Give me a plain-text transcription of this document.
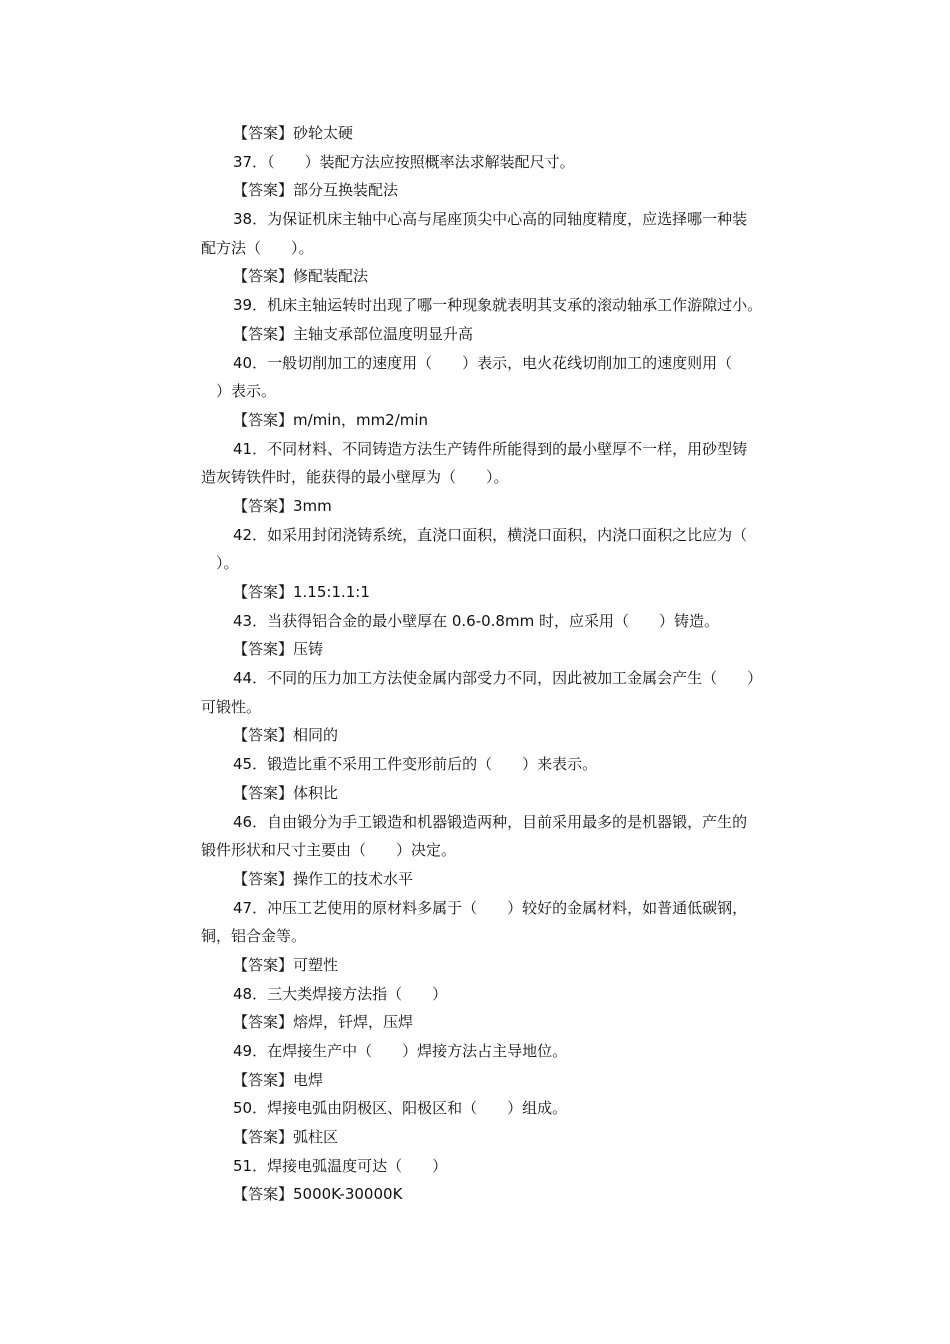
【答案】砂轮太硬
37．（　　）装配方法应按照概率法求解装配尺寸。
【答案】部分互换装配法
38．为保证机床主轴中心高与尾座顶尖中心高的同轴度精度，应选择哪一种装
配方法（　　）。
【答案】修配装配法
39．机床主轴运转时出现了哪一种现象就表明其支承的滚动轴承工作游隙过小。
【答案】主轴支承部位温度明显升高
40．一般切削加工的速度用（　　）表示，电火花线切削加工的速度则用（
　）表示。
【答案】m/min，mm2/min
41．不同材料、不同铸造方法生产铸件所能得到的最小壁厚不一样，用砂型铸
造灰铸铁件时，能获得的最小壁厚为（　　）。
【答案】3mm
42．如采用封闭浇铸系统，直浇口面积，横浇口面积，内浇口面积之比应为（
　）。
【答案】1.15:1.1:1
43．当获得铝合金的最小壁厚在 0.6-0.8mm 时，应采用（　　）铸造。
【答案】压铸
44．不同的压力加工方法使金属内部受力不同，因此被加工金属会产生（　　）
可锻性。
【答案】相同的
45．锻造比重不采用工件变形前后的（　　）来表示。
【答案】体积比
46．自由锻分为手工锻造和机器锻造两种，目前采用最多的是机器锻，产生的
锻件形状和尺寸主要由（　　）决定。
【答案】操作工的技术水平
47．冲压工艺使用的原材料多属于（　　）较好的金属材料，如普通低碳钢，
铜，铝合金等。
【答案】可塑性
48．三大类焊接方法指（　　）
【答案】熔焊，钎焊，压焊
49．在焊接生产中（　　）焊接方法占主导地位。
【答案】电焊
50．焊接电弧由阴极区、阳极区和（　　）组成。
【答案】弧柱区
51．焊接电弧温度可达（　　）
【答案】5000K-30000K
